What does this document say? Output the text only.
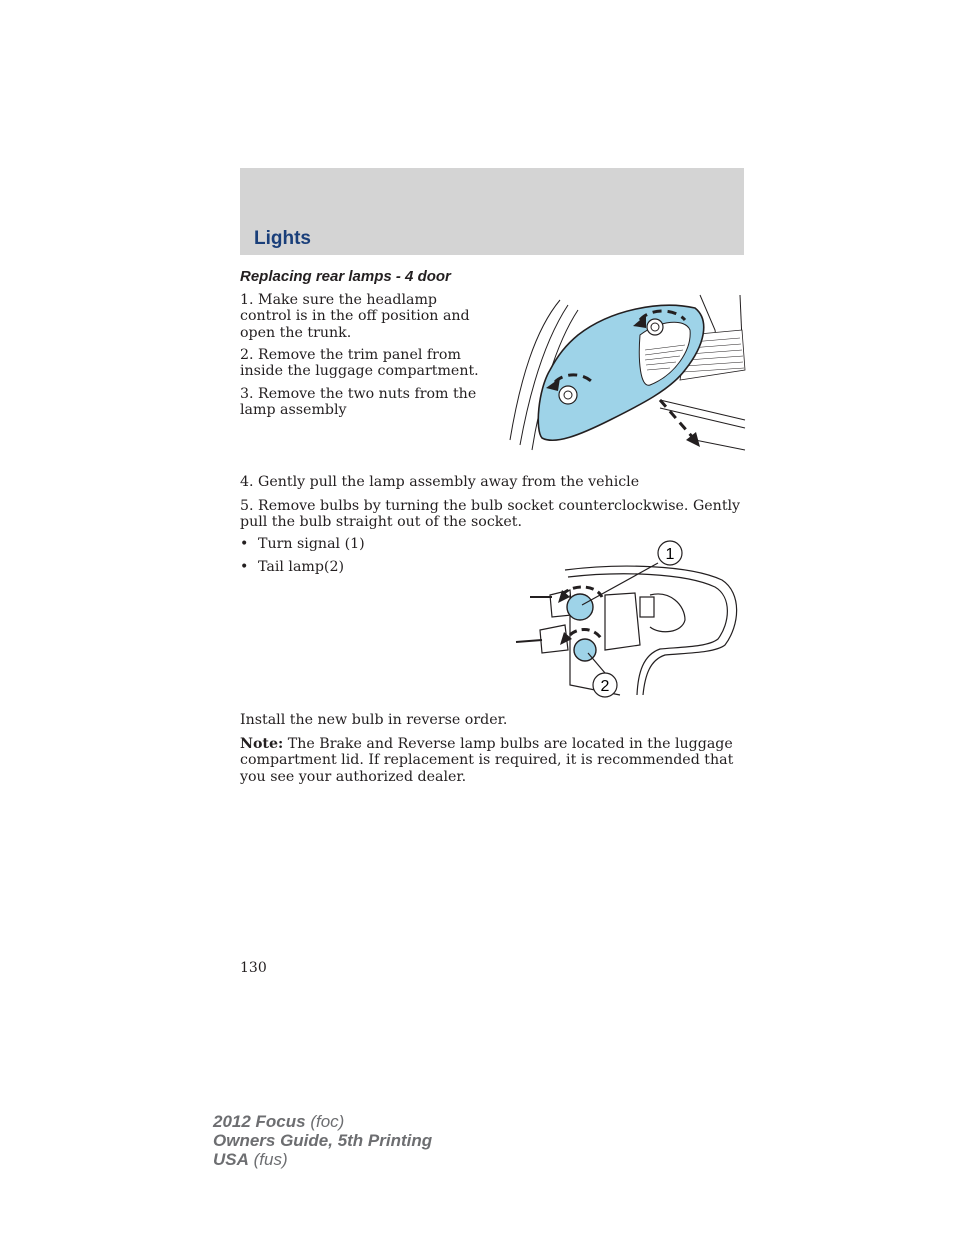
Lights
Replacing rear lamps - 4 door
1. Make sure the headlamp control is in the off position and open the trunk.
2. Remove the trim panel from inside the luggage compartment.
3. Remove the two nuts from the lamp assembly
4. Gently pull the lamp assembly away from the vehicle
5. Remove bulbs by turning the bulb socket counterclockwise. Gently pull the bulb straight out of the socket.
• Turn signal (1)
• Tail lamp(2)
1
2
Install the new bulb in reverse order.
Note: The Brake and Reverse lamp bulbs are located in the luggage compartment lid. If replacement is required, it is recommended that you see your authorized dealer.
130
2012 Focus (foc)
Owners Guide, 5th Printing
USA (fus)
